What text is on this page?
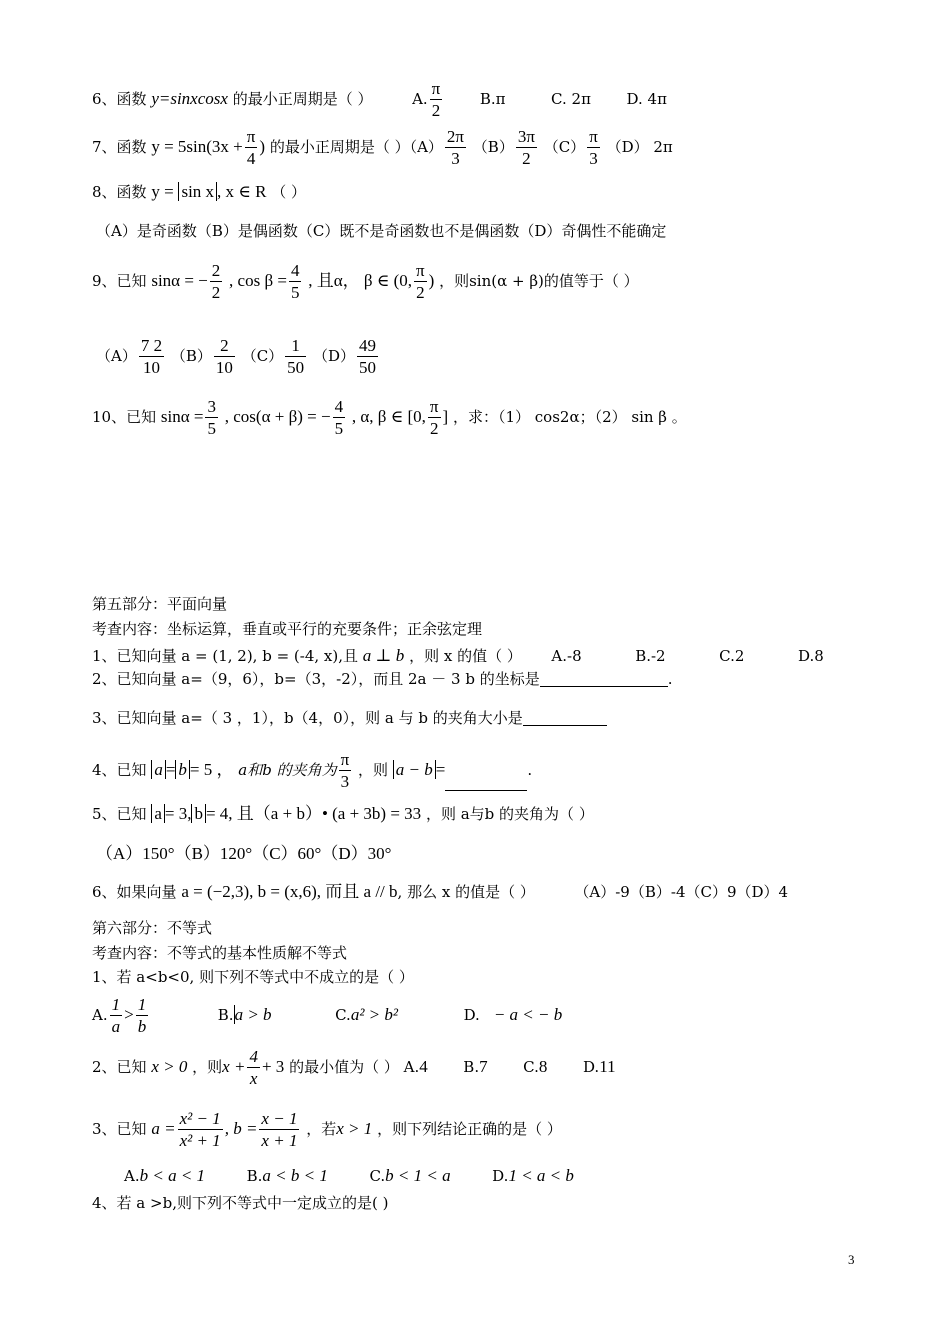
6、函数 y=sinxcosx 的最小正周期是（ ）	A. $\frac{\pi}{2}$	B.π	C. 2π D. 4π
7、函数 $y = 5\sin(3x + \frac{\pi}{4}$ ) 的最小正周期是（ ）$(A) \frac{2\pi}{3} (B) \frac{3\pi}{2} (C) \frac{\pi}{3} (D)$ 2π
8、函数 y = sin x , x ∈ R （ ）
（A）是奇函数（B）是偶函数（C）既不是奇函数也不是偶函数（D）奇偶性不能确定
9、已知 sinα = − $\frac{2}{2}$ , $\cos \beta = \frac{4}{5}$ , 且α， β ∈ (0, $\frac{\pi}{2}$ ) ，则sin(α + β)的值等于（ ）
$(A) \frac{7 2}{10} (B) \frac{2}{10} (C) \frac{1}{50} (D) \frac{49}{50}$
10、已知 $\sin\alpha = \frac{3}{5}$ , cos(α + β) = − $\frac{4}{5}$ , α, β ∈ [0, $\frac{\pi}{2}$ ] ，求：（1） cos2α；（2） sin β 。
第五部分：平面向量
考查内容：坐标运算，垂直或平行的充要条件；正余弦定理
1、已知向量 a = (1, 2), b = (-4, x),且 a ⊥ b ，则 x 的值（ ） A.-8	B.-2	C.2	D.8
2、已知向量 a=（9，6），b=（3，-2），而且 2a － 3 b 的坐标是	.
3、已知向量 a=（ 3 ，1），b（4，0），则 a 与 b 的夹角大小是
4、已知 a = b = 5 ， a和b 的夹角为 $\frac{\pi}{3}$ ，则 a − b =	.
5、已知 a = 3, b = 4, 且（a + b）• (a + 3b) = 33 ，则 a与b 的夹角为（ ）
（A）150°（B）120°（C）60°（D）30°
6、如果向量 a = (−2,3), b = (x,6), 而且 a // b, 那么 x 的值是（ ）	（A）-9（B）-4（C）9（D）4
第六部分：不等式
考查内容：不等式的基本性质解不等式
1、若 a<b<0, 则下列不等式中不成立的是（ ）
A. $\frac{1}{a} > \frac{1}{b}$	B.a > b	C.a² > b²	D. − a < − b
2、已知 x > 0 ，则$x + \frac{4}{x} + 3$ 的最小值为（ ） A.4 B.7 C.8 D.11
3、已知 $a = \frac{\text{x² − 1}}{\text{x² + 1}}$ , $b = \frac{x - 1}{x + 1}$ ，若x > 1 ，则下列结论正确的是（ ）
A.b < a < 1	B.a < b < 1	C.b < 1 < a	D.1 < a < b
4、若 a >b,则下列不等式中一定成立的是( )
3
